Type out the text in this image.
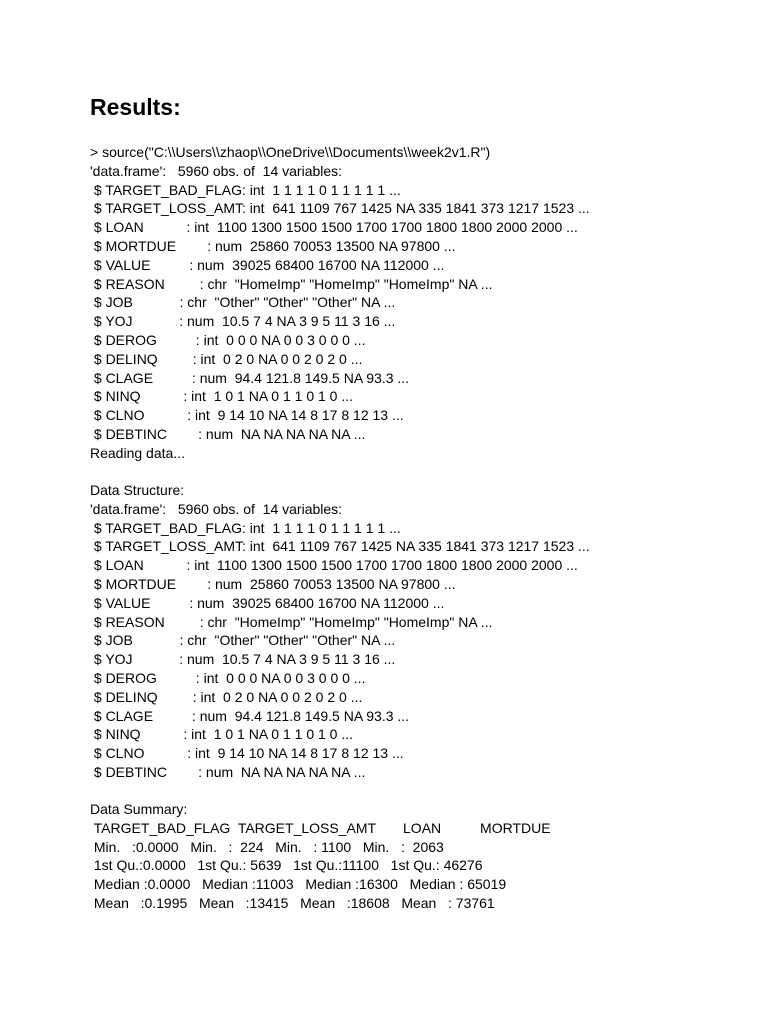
Results:
> source("C:\\Users\\zhaop\\OneDrive\\Documents\\week2v1.R")
'data.frame':   5960 obs. of  14 variables:
$ TARGET_BAD_FLAG: int  1 1 1 1 0 1 1 1 1 1 ...
$ TARGET_LOSS_AMT: int  641 1109 767 1425 NA 335 1841 373 1217 1523 ...
$ LOAN           : int  1100 1300 1500 1500 1700 1700 1800 1800 2000 2000 ...
$ MORTDUE        : num  25860 70053 13500 NA 97800 ...
$ VALUE          : num  39025 68400 16700 NA 112000 ...
$ REASON         : chr  "HomeImp" "HomeImp" "HomeImp" NA ...
$ JOB            : chr  "Other" "Other" "Other" NA ...
$ YOJ            : num  10.5 7 4 NA 3 9 5 11 3 16 ...
$ DEROG          : int  0 0 0 NA 0 0 3 0 0 0 ...
$ DELINQ         : int  0 2 0 NA 0 0 2 0 2 0 ...
$ CLAGE          : num  94.4 121.8 149.5 NA 93.3 ...
$ NINQ           : int  1 0 1 NA 0 1 1 0 1 0 ...
$ CLNO           : int  9 14 10 NA 14 8 17 8 12 13 ...
$ DEBTINC        : num  NA NA NA NA NA ...
Reading data...
Data Structure:
'data.frame':   5960 obs. of  14 variables:
$ TARGET_BAD_FLAG: int  1 1 1 1 0 1 1 1 1 1 ...
$ TARGET_LOSS_AMT: int  641 1109 767 1425 NA 335 1841 373 1217 1523 ...
$ LOAN           : int  1100 1300 1500 1500 1700 1700 1800 1800 2000 2000 ...
$ MORTDUE        : num  25860 70053 13500 NA 97800 ...
$ VALUE          : num  39025 68400 16700 NA 112000 ...
$ REASON         : chr  "HomeImp" "HomeImp" "HomeImp" NA ...
$ JOB            : chr  "Other" "Other" "Other" NA ...
$ YOJ            : num  10.5 7 4 NA 3 9 5 11 3 16 ...
$ DEROG          : int  0 0 0 NA 0 0 3 0 0 0 ...
$ DELINQ         : int  0 2 0 NA 0 0 2 0 2 0 ...
$ CLAGE          : num  94.4 121.8 149.5 NA 93.3 ...
$ NINQ           : int  1 0 1 NA 0 1 1 0 1 0 ...
$ CLNO           : int  9 14 10 NA 14 8 17 8 12 13 ...
$ DEBTINC        : num  NA NA NA NA NA ...
Data Summary:
TARGET_BAD_FLAG  TARGET_LOSS_AMT       LOAN          MORTDUE
Min.   :0.0000   Min.   :  224   Min.   : 1100   Min.   :  2063
1st Qu.:0.0000   1st Qu.: 5639   1st Qu.:11100   1st Qu.: 46276
Median :0.0000   Median :11003   Median :16300   Median : 65019
Mean   :0.1995   Mean   :13415   Mean   :18608   Mean   : 73761
